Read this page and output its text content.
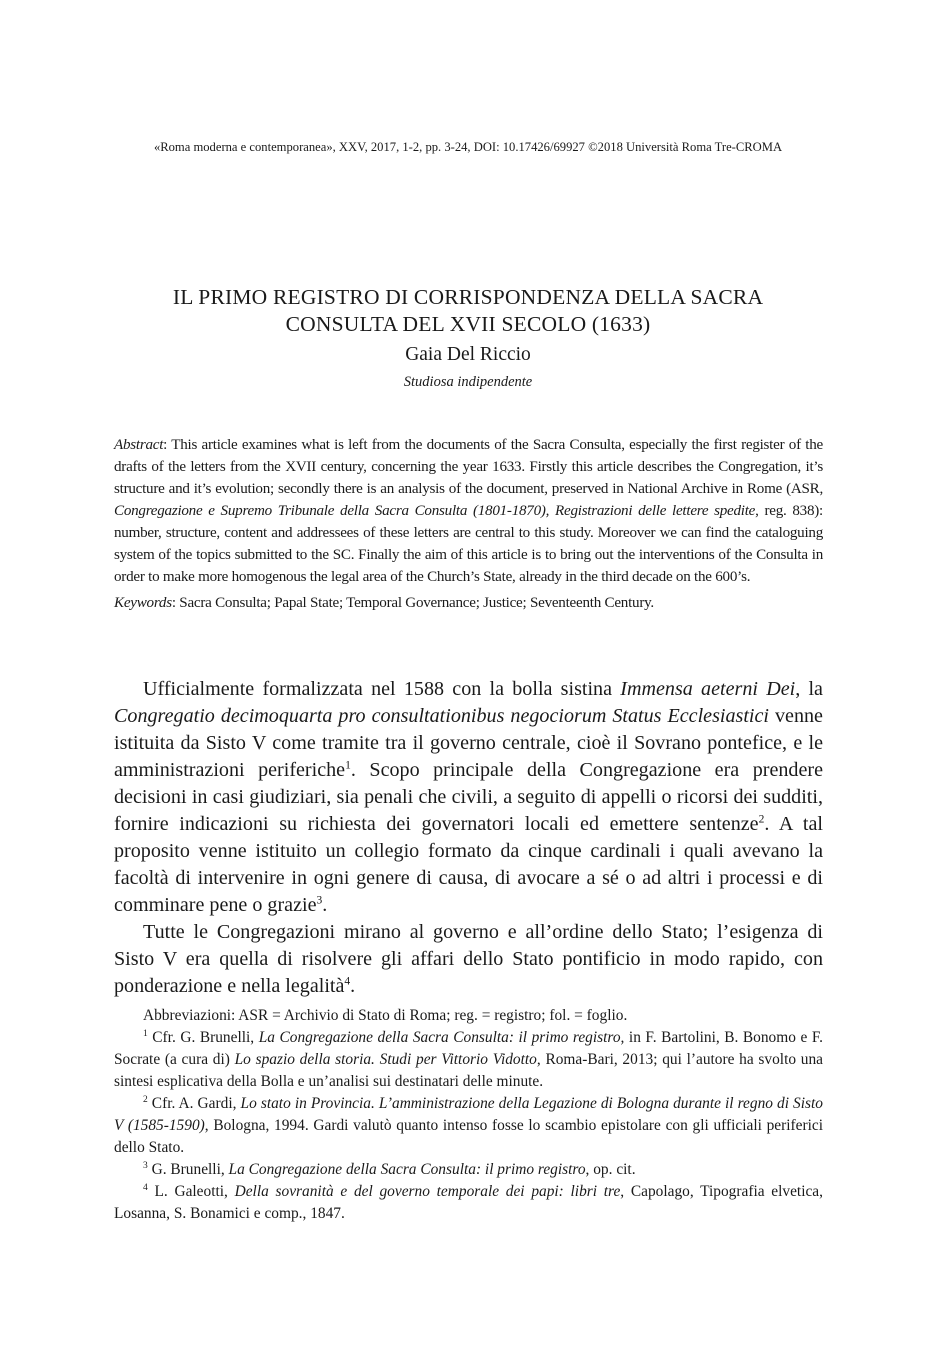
«Roma moderna e contemporanea», XXV, 2017, 1-2, pp. 3-24, DOI: 10.17426/69927 ©2018 Università Roma Tre-CROMA
IL PRIMO REGISTRO DI CORRISPONDENZA DELLA SACRA
CONSULTA DEL XVII SECOLO (1633)
Gaia Del Riccio
Studiosa indipendente

Abstract: This article examines what is left from the documents of the Sacra Consulta, especially the first register of the drafts of the letters from the XVII century, concerning the year 1633. Firstly this article describes the Congregation, it’s structure and it’s evolution; secondly there is an analysis of the document, preserved in National Archive in Rome (ASR, Congregazione e Supremo Tribunale della Sacra Consulta (1801-1870), Registrazioni delle lettere spedite, reg. 838): number, structure, content and addressees of these letters are central to this study. Moreover we can find the cataloguing system of the topics submitted to the SC. Finally the aim of this article is to bring out the interventions of the Consulta in order to make more homogenous the legal area of the Church’s State, already in the third decade on the 600’s.

Keywords: Sacra Consulta; Papal State; Temporal Governance; Justice; Seventeenth Century.

Ufficialmente formalizzata nel 1588 con la bolla sistina Immensa aeterni Dei, la Congregatio decimoquarta pro consultationibus negociorum Status Ecclesiastici venne istituita da Sisto V come tramite tra il governo centrale, cioè il Sovrano pontefice, e le amministrazioni periferiche$^1$. Scopo principale della Congregazione era prendere decisioni in casi giudiziari, sia penali che civili, a seguito di appelli o ricorsi dei sudditi, fornire indicazioni su richiesta dei governatori locali ed emettere sentenze$^2$. A tal proposito venne istituito un collegio formato da cinque cardinali i quali avevano la facoltà di intervenire in ogni genere di causa, di avocare a sé o ad altri i processi e di comminare pene o grazie$^3$.

Tutte le Congregazioni mirano al governo e all’ordine dello Stato; l’esigenza di Sisto V era quella di risolvere gli affari dello Stato pontificio in modo rapido, con ponderazione e nella legalità$^4$.

Abbreviazioni: ASR = Archivio di Stato di Roma; reg. = registro; fol. = foglio.

$^1$ Cfr. G. Brunelli, La Congregazione della Sacra Consulta: il primo registro, in F. Bartolini, B. Bonomo e F. Socrate (a cura di) Lo spazio della storia. Studi per Vittorio Vidotto, Roma-Bari, 2013; qui l’autore ha svolto una sintesi esplicativa della Bolla e un’analisi sui destinatari delle minute.

$^2$ Cfr. A. Gardi, Lo stato in Provincia. L’amministrazione della Legazione di Bologna durante il regno di Sisto V (1585-1590), Bologna, 1994. Gardi valutò quanto intenso fosse lo scambio epistolare con gli ufficiali periferici dello Stato.

$^3$ G. Brunelli, La Congregazione della Sacra Consulta: il primo registro, op. cit.

$^4$ L. Galeotti, Della sovranità e del governo temporale dei papi: libri tre, Capolago, Tipografia elvetica, Losanna, S. Bonamici e comp., 1847.
